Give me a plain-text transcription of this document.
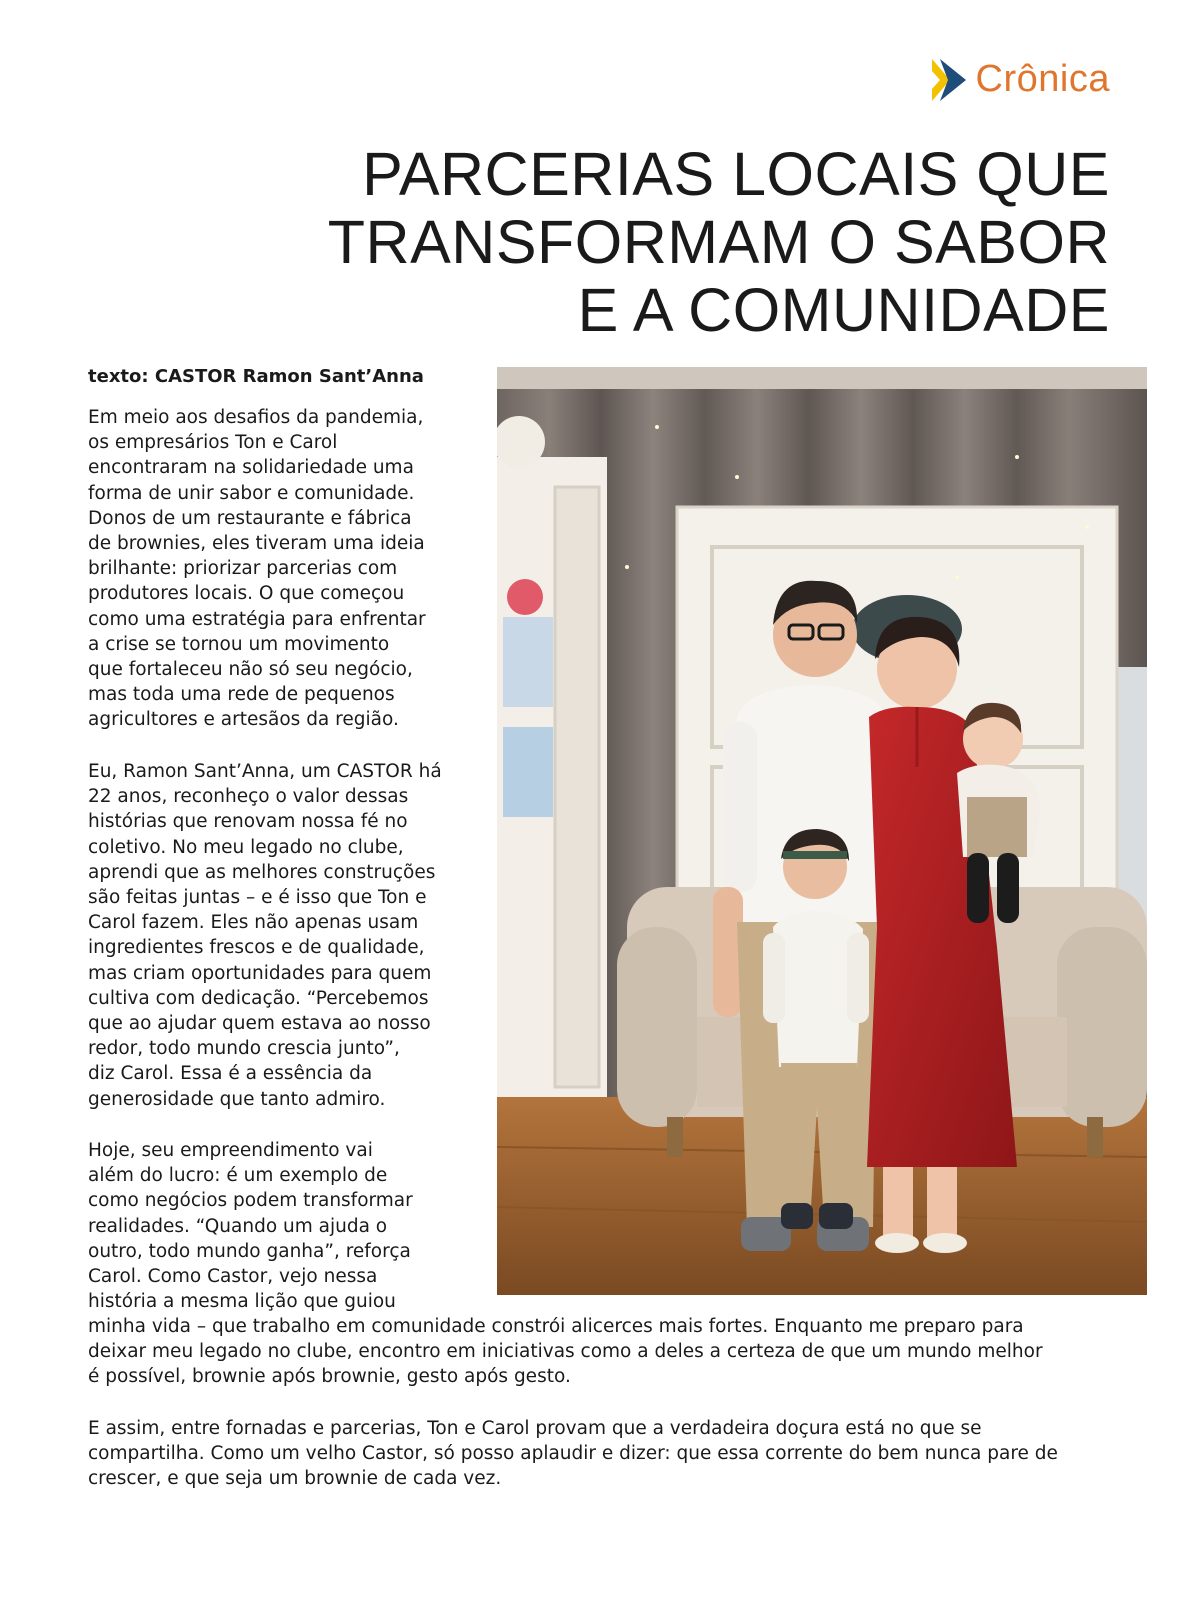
Crônica
PARCERIAS LOCAIS QUE
TRANSFORMAM O SABOR
E A COMUNIDADE
texto: CASTOR Ramon Sant’Anna

Em meio aos desafios da pandemia,
os empresários Ton e Carol
encontraram na solidariedade uma
forma de unir sabor e comunidade.
Donos de um restaurante e fábrica
de brownies, eles tiveram uma ideia
brilhante: priorizar parcerias com
produtores locais. O que começou
como uma estratégia para enfrentar
a crise se tornou um movimento
que fortaleceu não só seu negócio,
mas toda uma rede de pequenos
agricultores e artesãos da região.

Eu, Ramon Sant’Anna, um CASTOR há
22 anos, reconheço o valor dessas
histórias que renovam nossa fé no
coletivo. No meu legado no clube,
aprendi que as melhores construções
são feitas juntas – e é isso que Ton e
Carol fazem. Eles não apenas usam
ingredientes frescos e de qualidade,
mas criam oportunidades para quem
cultiva com dedicação. “Percebemos
que ao ajudar quem estava ao nosso
redor, todo mundo crescia junto”,
diz Carol. Essa é a essência da
generosidade que tanto admiro.

Hoje, seu empreendimento vai
além do lucro: é um exemplo de
como negócios podem transformar
realidades. “Quando um ajuda o
outro, todo mundo ganha”, reforça
Carol. Como Castor, vejo nessa
história a mesma lição que guiou

minha vida – que trabalho em comunidade constrói alicerces mais fortes. Enquanto me preparo para
deixar meu legado no clube, encontro em iniciativas como a deles a certeza de que um mundo melhor
é possível, brownie após brownie, gesto após gesto.

E assim, entre fornadas e parcerias, Ton e Carol provam que a verdadeira doçura está no que se
compartilha. Como um velho Castor, só posso aplaudir e dizer: que essa corrente do bem nunca pare de
crescer, e que seja um brownie de cada vez.
